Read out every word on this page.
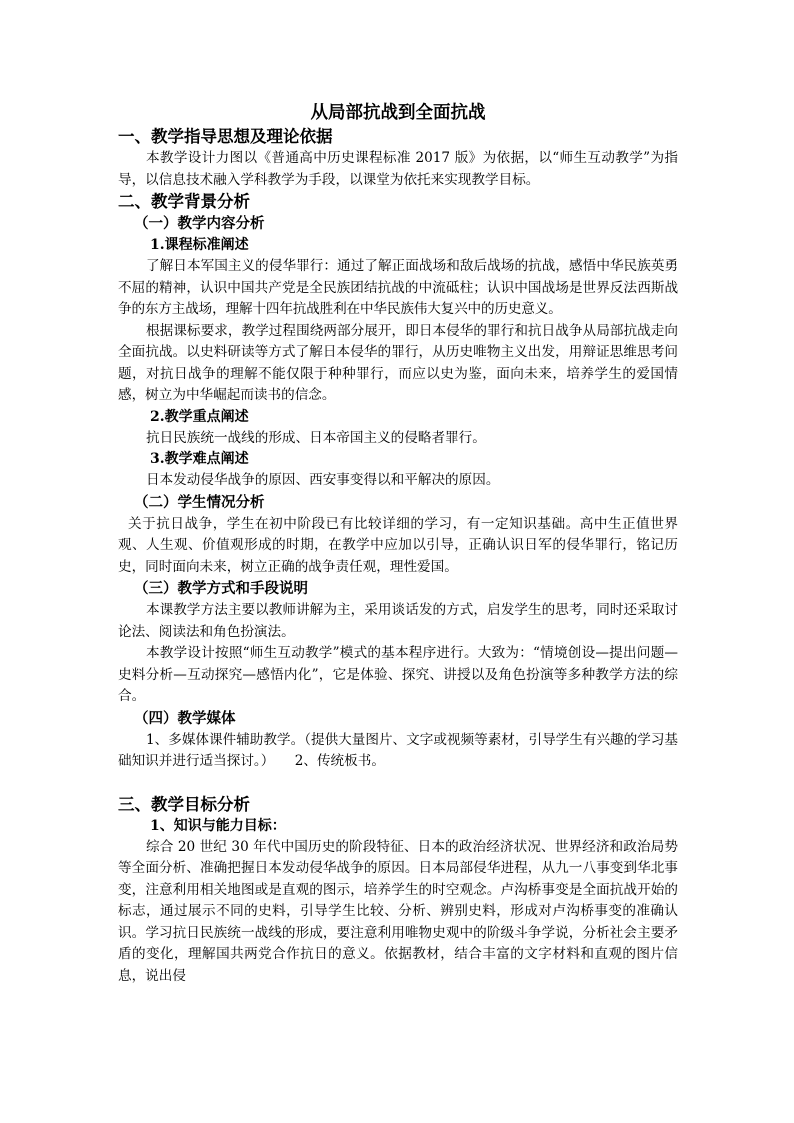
从局部抗战到全面抗战
一、教学指导思想及理论依据
本教学设计力图以《普通高中历史课程标准 2017 版》为依据，以“师生互动教学”为指导，以信息技术融入学科教学为手段，以课堂为依托来实现教学目标。
二、教学背景分析
（一）教学内容分析
1.课程标准阐述
了解日本军国主义的侵华罪行：通过了解正面战场和敌后战场的抗战，感悟中华民族英勇不屈的精神，认识中国共产党是全民族团结抗战的中流砥柱；认识中国战场是世界反法西斯战争的东方主战场，理解十四年抗战胜利在中华民族伟大复兴中的历史意义。
根据课标要求，教学过程围绕两部分展开，即日本侵华的罪行和抗日战争从局部抗战走向全面抗战。以史料研读等方式了解日本侵华的罪行，从历史唯物主义出发，用辩证思维思考问题，对抗日战争的理解不能仅限于种种罪行，而应以史为鉴，面向未来，培养学生的爱国情感，树立为中华崛起而读书的信念。
2.教学重点阐述
抗日民族统一战线的形成、日本帝国主义的侵略者罪行。
3.教学难点阐述
日本发动侵华战争的原因、西安事变得以和平解决的原因。
（二）学生情况分析
关于抗日战争，学生在初中阶段已有比较详细的学习，有一定知识基础。高中生正值世界观、人生观、价值观形成的时期，在教学中应加以引导，正确认识日军的侵华罪行，铭记历史，同时面向未来，树立正确的战争责任观，理性爱国。
（三）教学方式和手段说明
本课教学方法主要以教师讲解为主，采用谈话发的方式，启发学生的思考，同时还采取讨论法、阅读法和角色扮演法。
本教学设计按照“师生互动教学”模式的基本程序进行。大致为：“情境创设—提出问题—史料分析—互动探究—感悟内化”，它是体验、探究、讲授以及角色扮演等多种教学方法的综合。
（四）教学媒体
1、多媒体课件辅助教学。（提供大量图片、文字或视频等素材，引导学生有兴趣的学习基础知识并进行适当探讨。）　　2、传统板书。
三、教学目标分析
1、知识与能力目标：
综合 20 世纪 30 年代中国历史的阶段特征、日本的政治经济状况、世界经济和政治局势等全面分析、准确把握日本发动侵华战争的原因。日本局部侵华进程，从九一八事变到华北事变，注意利用相关地图或是直观的图示，培养学生的时空观念。卢沟桥事变是全面抗战开始的标志，通过展示不同的史料，引导学生比较、分析、辨别史料，形成对卢沟桥事变的准确认识。学习抗日民族统一战线的形成，要注意利用唯物史观中的阶级斗争学说，分析社会主要矛盾的变化，理解国共两党合作抗日的意义。依据教材，结合丰富的文字材料和直观的图片信息，说出侵
